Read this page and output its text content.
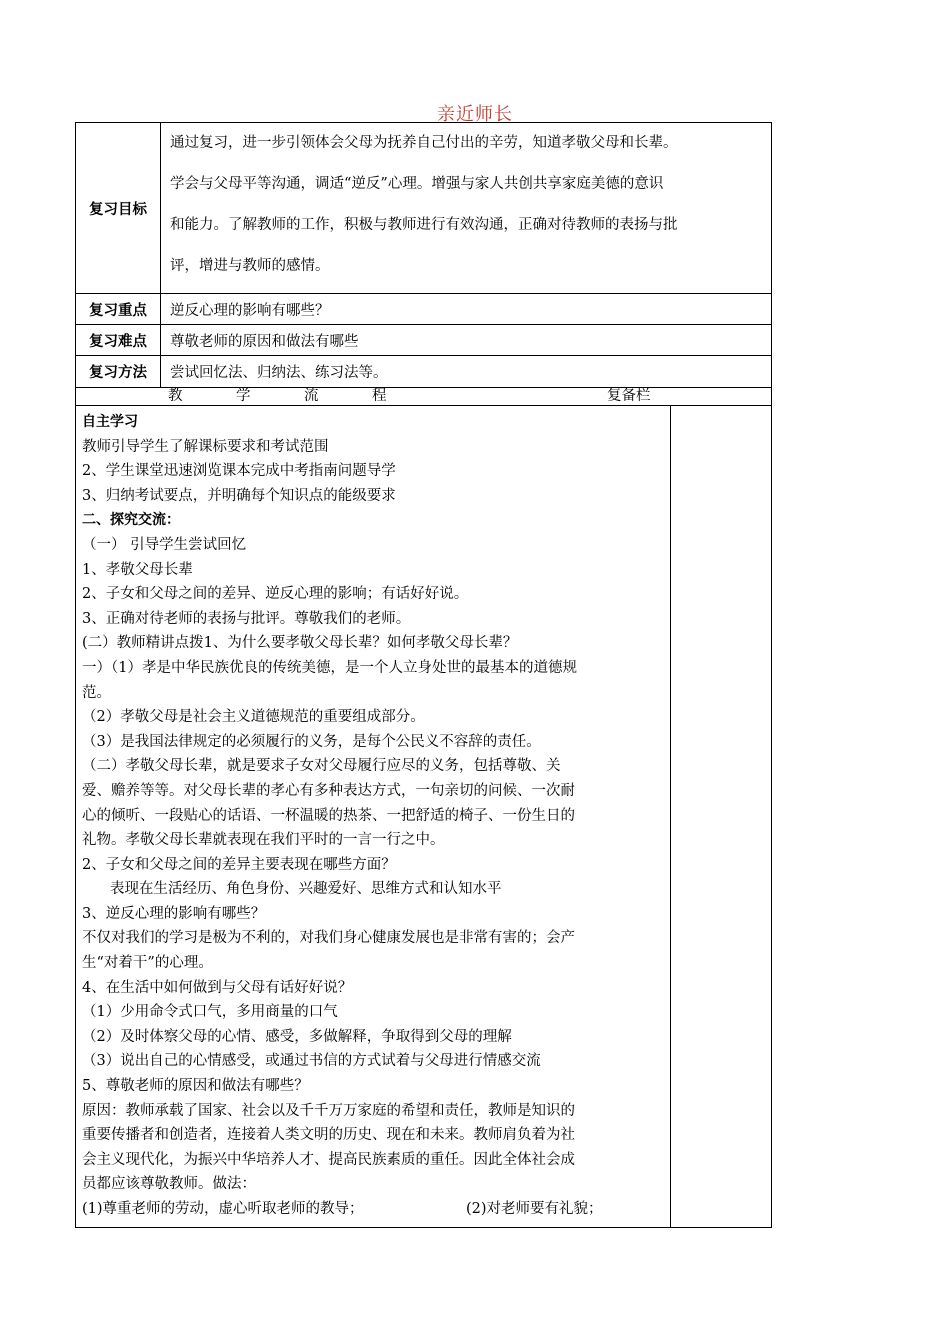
亲近师长
复习目标	通过复习，进一步引领体会父母为抚养自己付出的辛劳，知道孝敬父母和长辈。
学会与父母平等沟通，调适“逆反”心理。增强与家人共创共享家庭美德的意识
和能力。了解教师的工作，积极与教师进行有效沟通，正确对待教师的表扬与批
评，增进与教师的感情。

复习重点	逆反心理的影响有哪些？
复习难点	尊敬老师的原因和做法有哪些
复习方法	尝试回忆法、归纳法、练习法等。
教	学	流	程	复备栏
自主学习
教师引导学生了解课标要求和考试范围
2、学生课堂迅速浏览课本完成中考指南问题导学
3、归纳考试要点，并明确每个知识点的能级要求
二、探究交流：
（一） 引导学生尝试回忆
1、孝敬父母长辈
2、子女和父母之间的差异、逆反心理的影响；有话好好说。
3、正确对待老师的表扬与批评。尊敬我们的老师。
(二）教师精讲点拨1、为什么要孝敬父母长辈？如何孝敬父母长辈？
一）（1）孝是中华民族优良的传统美德，是一个人立身处世的最基本的道德规
范。
（2）孝敬父母是社会主义道德规范的重要组成部分。
（3）是我国法律规定的必须履行的义务，是每个公民义不容辞的责任。
（二）孝敬父母长辈，就是要求子女对父母履行应尽的义务，包括尊敬、关
爱、赡养等等。对父母长辈的孝心有多种表达方式，一句亲切的问候、一次耐
心的倾听、一段贴心的话语、一杯温暖的热茶、一把舒适的椅子、一份生日的
礼物。孝敬父母长辈就表现在我们平时的一言一行之中。
2、子女和父母之间的差异主要表现在哪些方面？
表现在生活经历、角色身份、兴趣爱好、思维方式和认知水平
3、逆反心理的影响有哪些？
不仅对我们的学习是极为不利的，对我们身心健康发展也是非常有害的；会产
生“对着干”的心理。
4、在生活中如何做到与父母有话好好说？
（1）少用命令式口气，多用商量的口气
（2）及时体察父母的心情、感受，多做解释，争取得到父母的理解
（3）说出自己的心情感受，或通过书信的方式试着与父母进行情感交流
5、尊敬老师的原因和做法有哪些？
原因：教师承载了国家、社会以及千千万万家庭的希望和责任，教师是知识的
重要传播者和创造者，连接着人类文明的历史、现在和未来。教师肩负着为社
会主义现代化，为振兴中华培养人才、提高民族素质的重任。因此全体社会成
员都应该尊敬教师。做法：
(1)尊重老师的劳动，虚心听取老师的教导；	(2)对老师要有礼貌；
